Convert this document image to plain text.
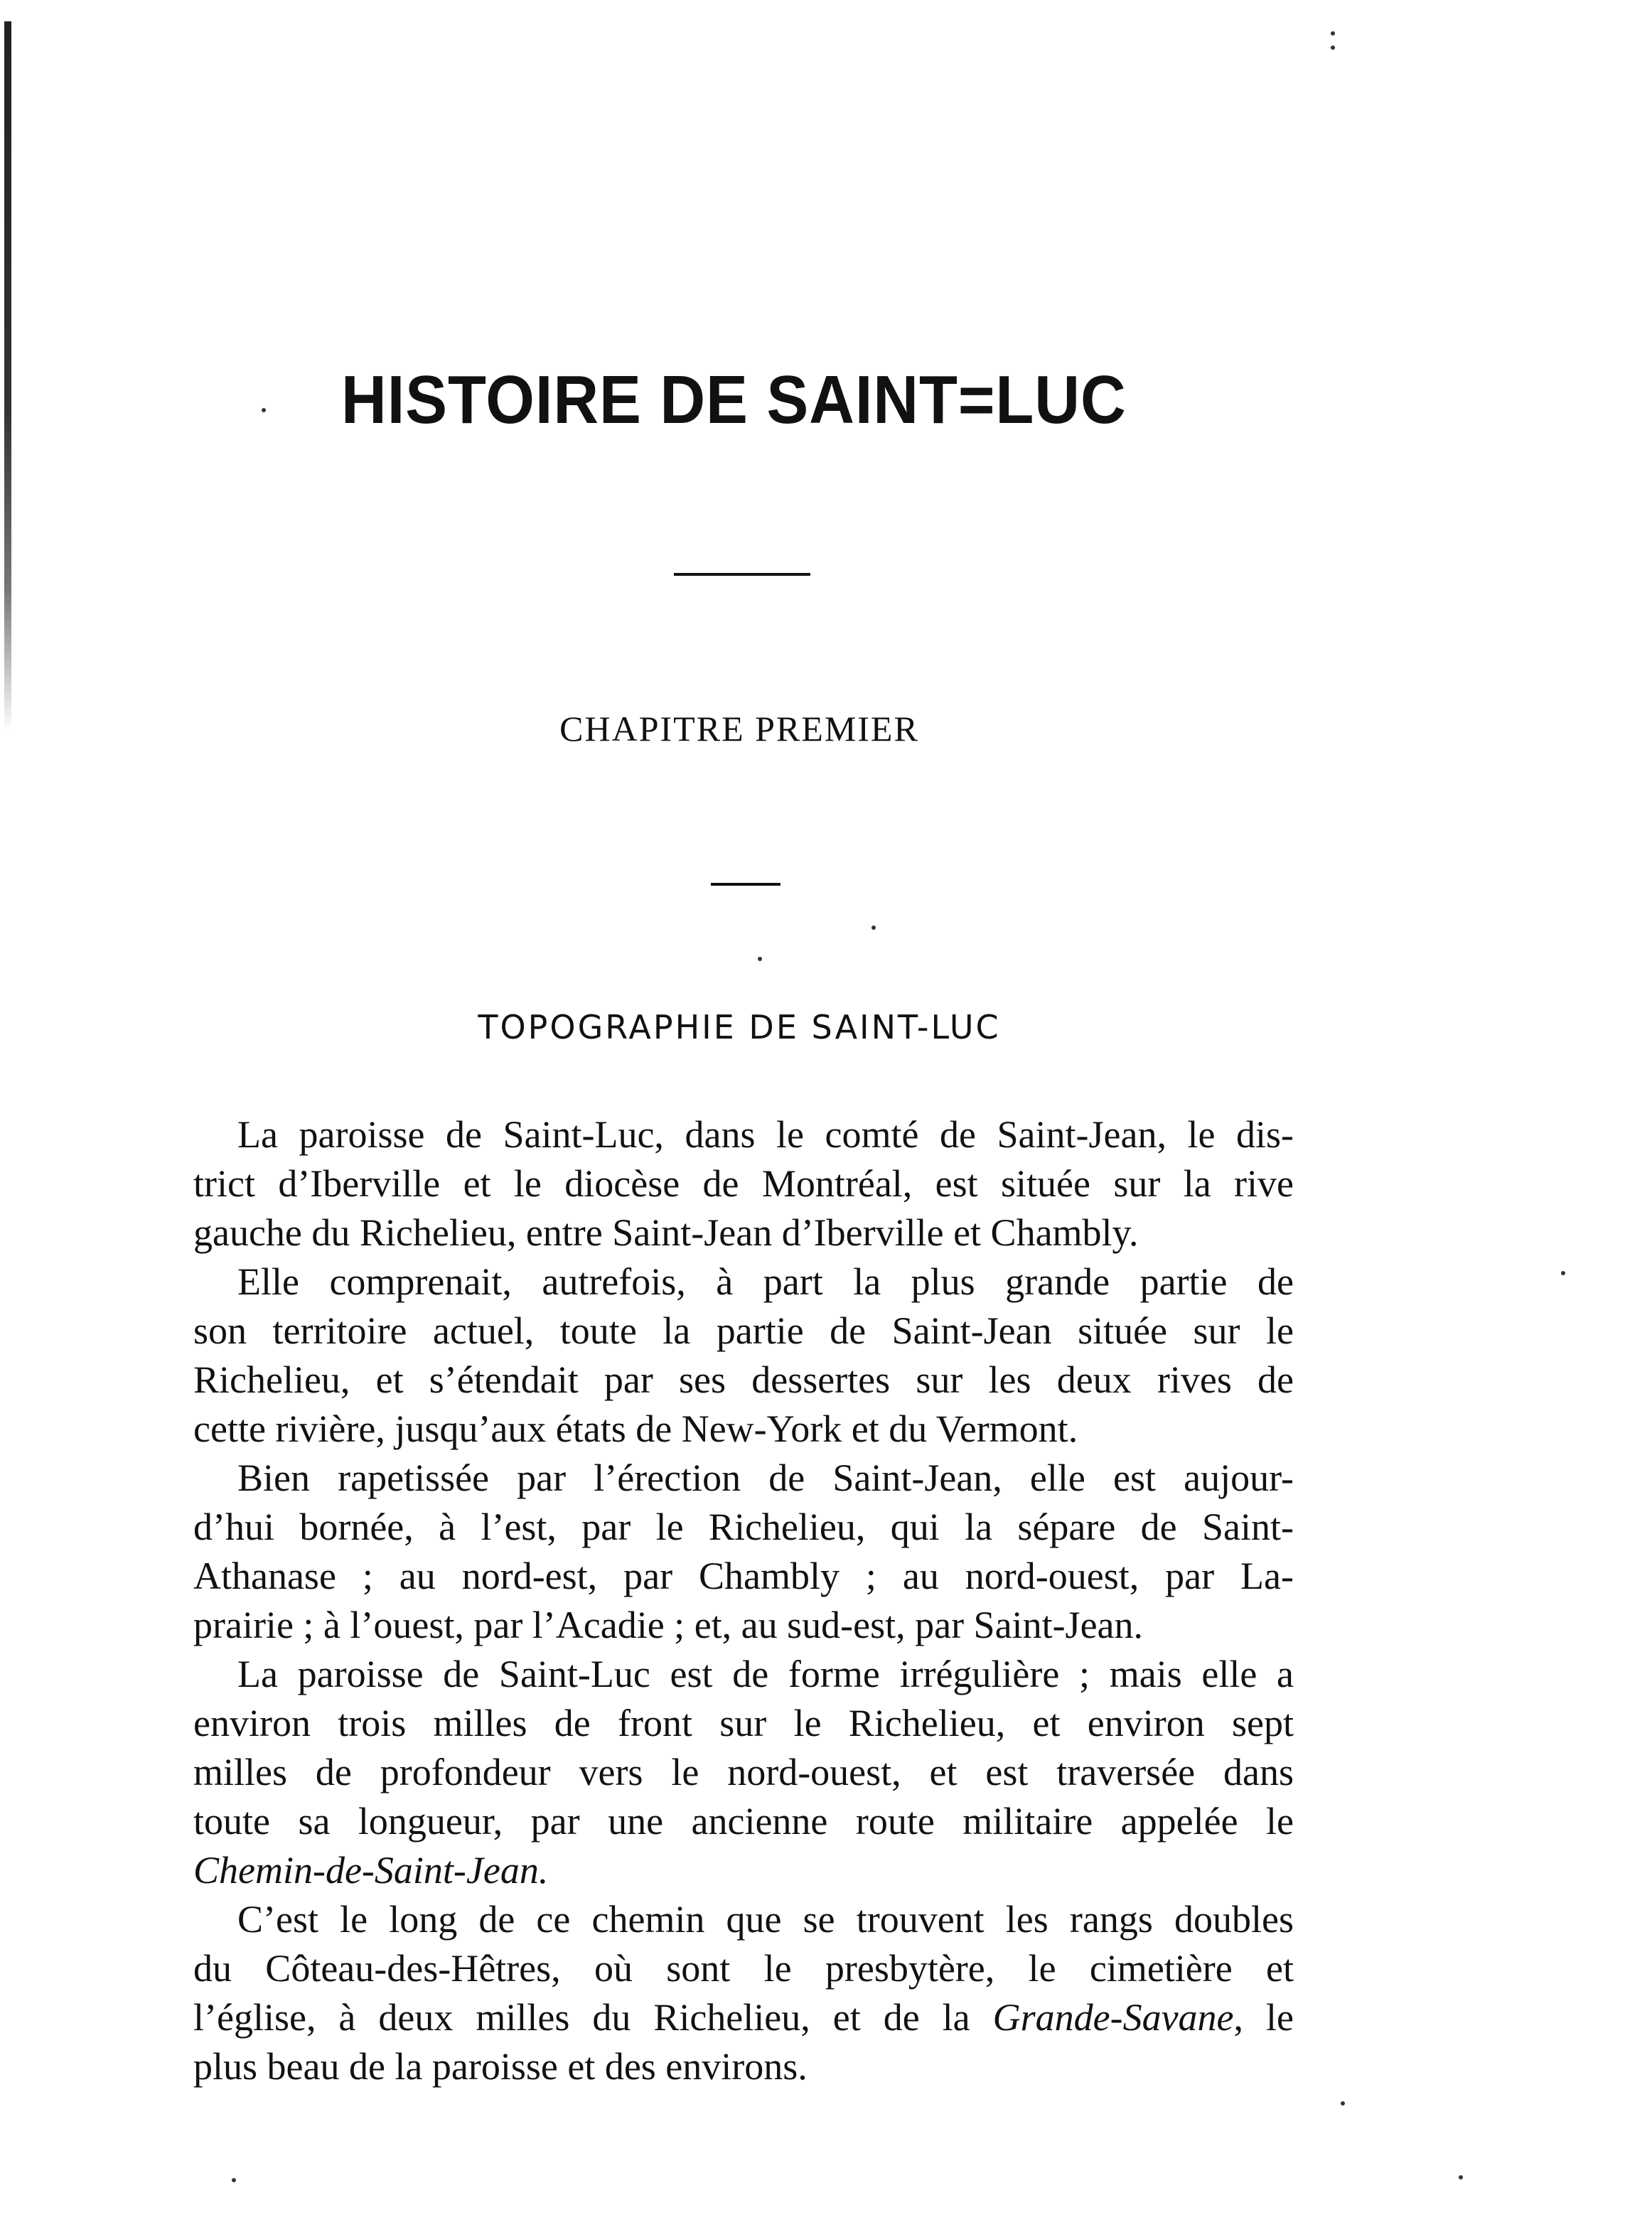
HISTOIRE DE SAINT=LUC
CHAPITRE PREMIER
TOPOGRAPHIE DE SAINT-LUC
La paroisse de Saint-Luc, dans le comté de Saint-Jean, le dis-
trict d’Iberville et le diocèse de Montréal, est située sur la rive
gauche du Richelieu, entre Saint-Jean d’Iberville et Chambly.
Elle comprenait, autrefois, à part la plus grande partie de
son territoire actuel, toute la partie de Saint-Jean située sur le
Richelieu, et s’étendait par ses dessertes sur les deux rives de
cette rivière, jusqu’aux états de New-York et du Vermont.
Bien rapetissée par l’érection de Saint-Jean, elle est aujour-
d’hui bornée, à l’est, par le Richelieu, qui la sépare de Saint-
Athanase ; au nord-est, par Chambly ; au nord-ouest, par La-
prairie ; à l’ouest, par l’Acadie ; et, au sud-est, par Saint-Jean.
La paroisse de Saint-Luc est de forme irrégulière ; mais elle a
environ trois milles de front sur le Richelieu, et environ sept
milles de profondeur vers le nord-ouest, et est traversée dans
toute sa longueur, par une ancienne route militaire appelée le
Chemin-de-Saint-Jean.
C’est le long de ce chemin que se trouvent les rangs doubles
du Côteau-des-Hêtres, où sont le presbytère, le cimetière et
l’église, à deux milles du Richelieu, et de la Grande-Savane, le
plus beau de la paroisse et des environs.
